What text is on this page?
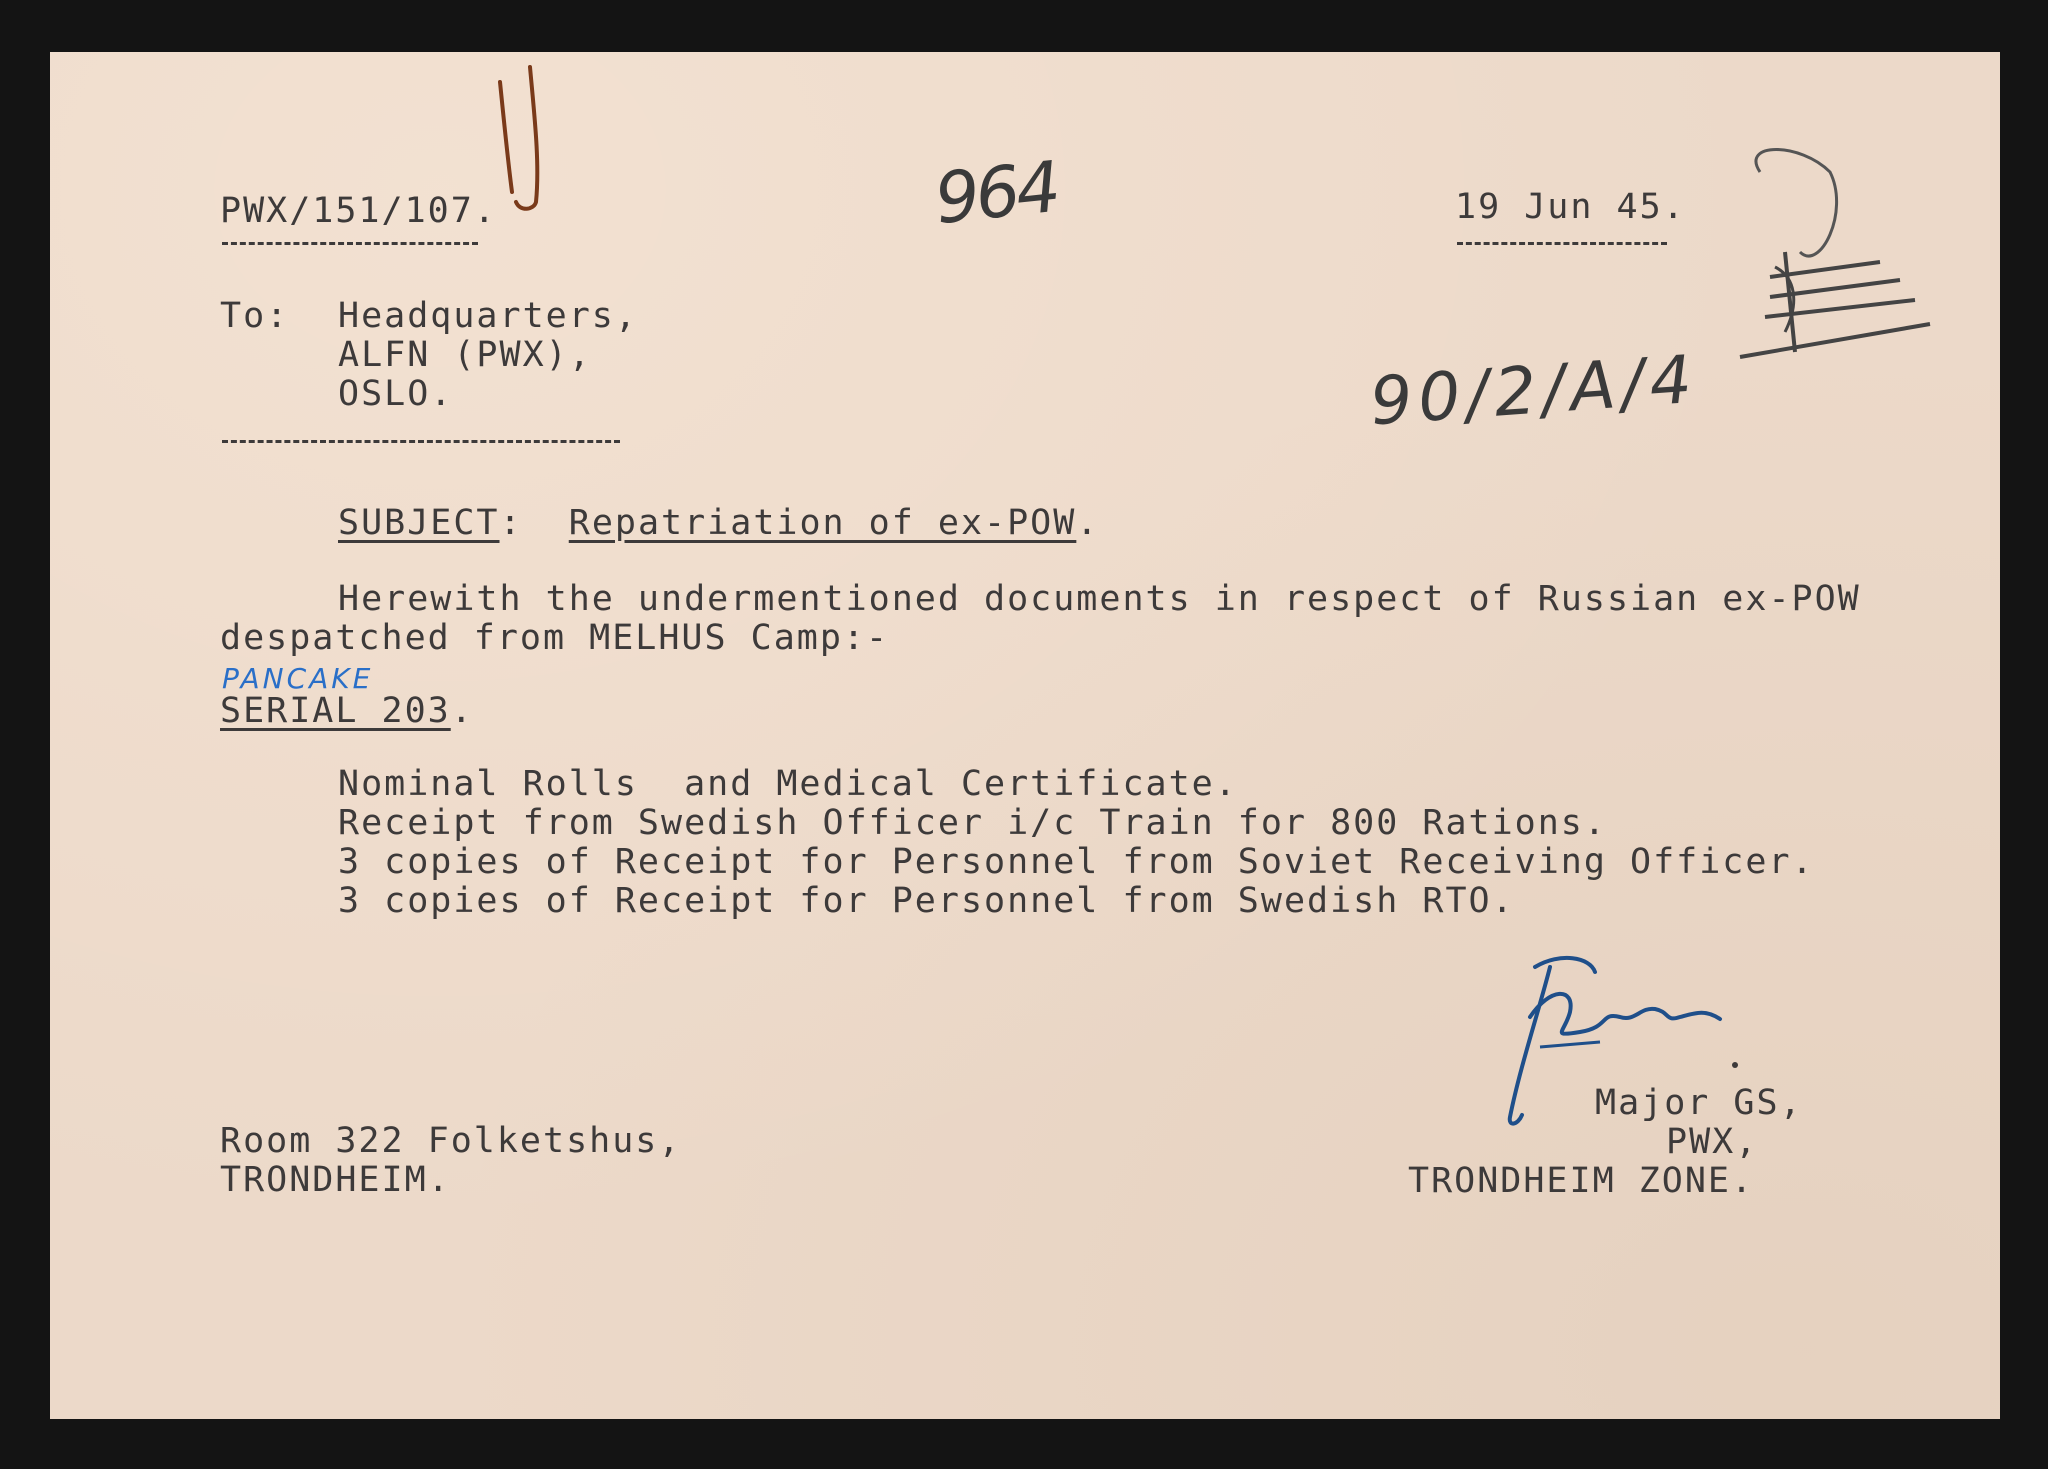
PWX/151/107.	964	19 Jun 45.
To: Headquarters,
ALFN (PWX),
OSLO.	90/2/A/4
SUBJECT: Repatriation of ex-POW.
Herewith the undermentioned documents in respect of Russian ex-POW
despatched from MELHUS Camp:-
PANCAKE
SERIAL 203.
Nominal Rolls  and Medical Certificate.
Receipt from Swedish Officer i/c Train for 800 Rations.
3 copies of Receipt for Personnel from Soviet Receiving Officer.
3 copies of Receipt for Personnel from Swedish RTO.
Room 322 Folketshus,
TRONDHEIM.
Major GS,
PWX,
TRONDHEIM ZONE.
